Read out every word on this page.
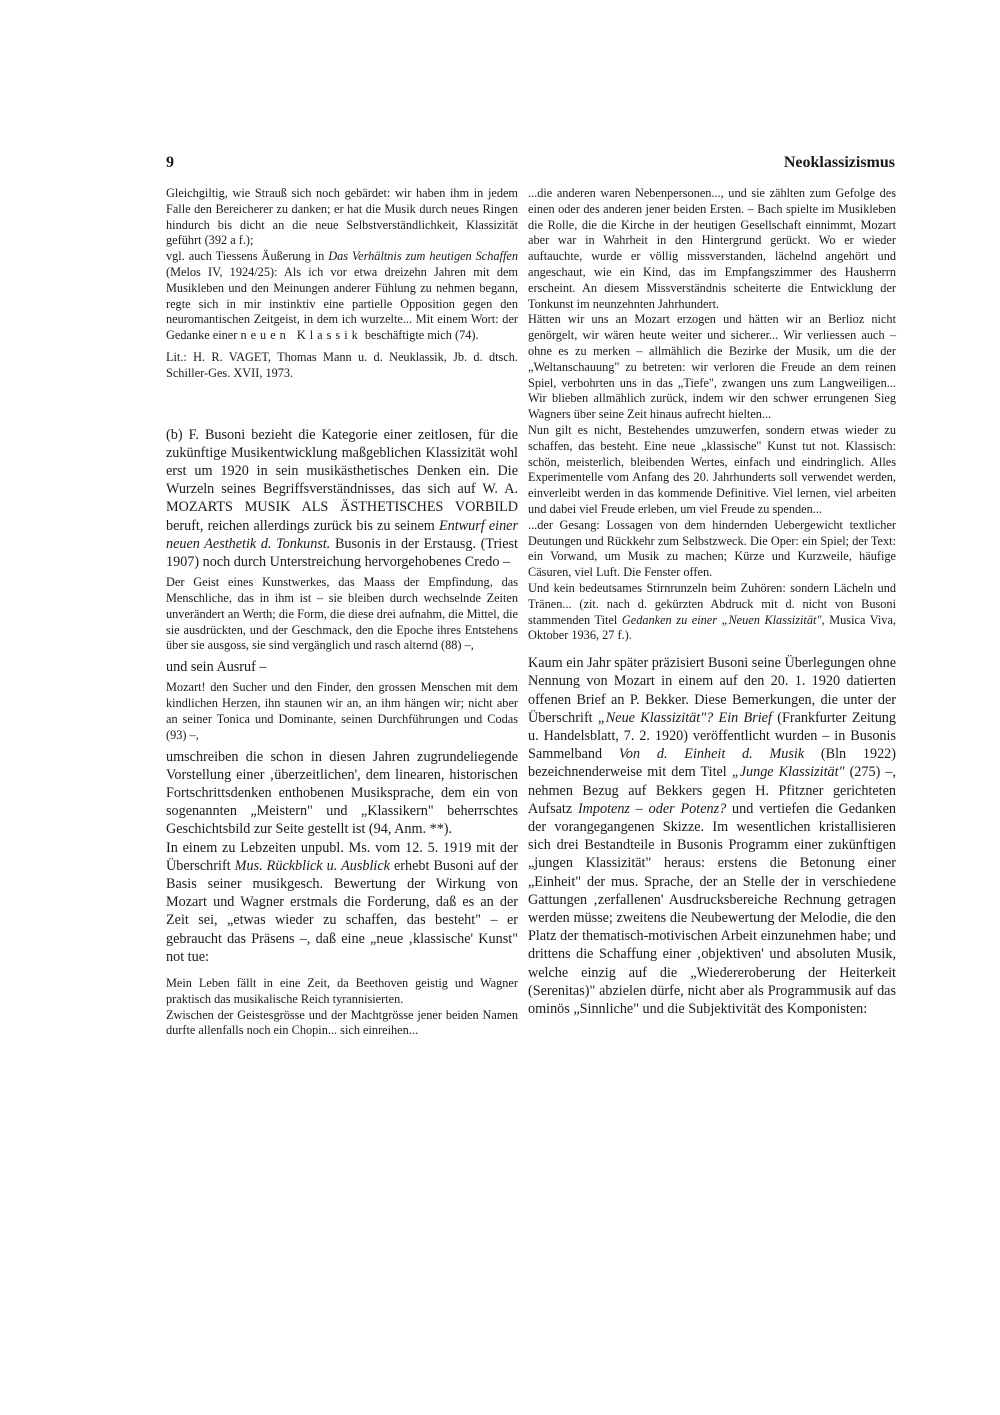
9	Neoklassizismus

Gleichgiltig, wie Strauß sich noch gebärdet: wir haben ihm in jedem Falle den Bereicherer zu danken; er hat die Musik durch neues Ringen hindurch bis dicht an die neue Selbstverständlichkeit, Klassizität geführt (392 a f.);

vgl. auch Tiessens Äußerung in Das Verhältnis zum heutigen Schaffen (Melos IV, 1924/25): Als ich vor etwa dreizehn Jahren mit dem Musikleben und den Meinungen anderer Fühlung zu nehmen begann, regte sich in mir instinktiv eine partielle Opposition gegen den neuromantischen Zeitgeist, in dem ich wurzelte... Mit einem Wort: der Gedanke einer neuen Klassik beschäftigte mich (74).

Lit.: H. R. VAGET, Thomas Mann u. d. Neuklassik, Jb. d. dtsch. Schiller-Ges. XVII, 1973.

(b) F. Busoni bezieht die Kategorie einer zeitlosen, für die zukünftige Musikentwicklung maßgeblichen Klassizität wohl erst um 1920 in sein musikästhetisches Denken ein. Die Wurzeln seines Begriffsverständnisses, das sich auf W. A. MOZARTS MUSIK ALS ÄSTHETISCHES VORBILD beruft, reichen allerdings zurück bis zu seinem Entwurf einer neuen Aesthetik d. Tonkunst. Busonis in der Erstausg. (Triest 1907) noch durch Unterstreichung hervorgehobenes Credo –

Der Geist eines Kunstwerkes, das Maass der Empfindung, das Menschliche, das in ihm ist – sie bleiben durch wechselnde Zeiten unverändert an Werth; die Form, die diese drei aufnahm, die Mittel, die sie ausdrückten, und der Geschmack, den die Epoche ihres Entstehens über sie ausgoss, sie sind vergänglich und rasch alternd (88) –,

und sein Ausruf –

Mozart! den Sucher und den Finder, den grossen Menschen mit dem kindlichen Herzen, ihn staunen wir an, an ihm hängen wir; nicht aber an seiner Tonica und Dominante, seinen Durchführungen und Codas (93) –,

umschreiben die schon in diesen Jahren zugrundeliegende Vorstellung einer ‚überzeitlichen', dem linearen, historischen Fortschrittsdenken enthobenen Musiksprache, dem ein von sogenannten „Meistern" und „Klassikern" beherrschtes Geschichtsbild zur Seite gestellt ist (94, Anm. **).

In einem zu Lebzeiten unpubl. Ms. vom 12. 5. 1919 mit der Überschrift Mus. Rückblick u. Ausblick erhebt Busoni auf der Basis seiner musikgesch. Bewertung der Wirkung von Mozart und Wagner erstmals die Forderung, daß es an der Zeit sei, „etwas wieder zu schaffen, das besteht" – er gebraucht das Präsens –, daß eine „neue ‚klassische' Kunst" not tue:

Mein Leben fällt in eine Zeit, da Beethoven geistig und Wagner praktisch das musikalische Reich tyrannisierten.

Zwischen der Geistesgrösse und der Machtgrösse jener beiden Namen durfte allenfalls noch ein Chopin... sich einreihen...

...die anderen waren Nebenpersonen..., und sie zählten zum Gefolge des einen oder des anderen jener beiden Ersten. – Bach spielte im Musikleben die Rolle, die die Kirche in der heutigen Gesellschaft einnimmt, Mozart aber war in Wahrheit in den Hintergrund gerückt. Wo er wieder auftauchte, wurde er völlig missverstanden, lächelnd angehört und angeschaut, wie ein Kind, das im Empfangszimmer des Hausherrn erscheint. An diesem Missverständnis scheiterte die Entwicklung der Tonkunst im neunzehnten Jahrhundert.

Hätten wir uns an Mozart erzogen und hätten wir an Berlioz nicht genörgelt, wir wären heute weiter und sicherer... Wir verliessen auch – ohne es zu merken – allmählich die Bezirke der Musik, um die der „Weltanschauung" zu betreten: wir verloren die Freude an dem reinen Spiel, verbohrten uns in das „Tiefe", zwangen uns zum Langweiligen... Wir blieben allmählich zurück, indem wir den schwer errungenen Sieg Wagners über seine Zeit hinaus aufrecht hielten...

Nun gilt es nicht, Bestehendes umzuwerfen, sondern etwas wieder zu schaffen, das besteht. Eine neue „klassische" Kunst tut not. Klassisch: schön, meisterlich, bleibenden Wertes, einfach und eindringlich. Alles Experimentelle vom Anfang des 20. Jahrhunderts soll verwendet werden, einverleibt werden in das kommende Definitive. Viel lernen, viel arbeiten und dabei viel Freude erleben, um viel Freude zu spenden...

...der Gesang: Lossagen von dem hindernden Uebergewicht textlicher Deutungen und Rückkehr zum Selbstzweck. Die Oper: ein Spiel; der Text: ein Vorwand, um Musik zu machen; Kürze und Kurzweile, häufige Cäsuren, viel Luft. Die Fenster offen.

Und kein bedeutsames Stirnrunzeln beim Zuhören: sondern Lächeln und Tränen... (zit. nach d. gekürzten Abdruck mit d. nicht von Busoni stammenden Titel Gedanken zu einer „Neuen Klassizität", Musica Viva, Oktober 1936, 27 f.).

Kaum ein Jahr später präzisiert Busoni seine Überlegungen ohne Nennung von Mozart in einem auf den 20. 1. 1920 datierten offenen Brief an P. Bekker. Diese Bemerkungen, die unter der Überschrift „Neue Klassizität"? Ein Brief (Frankfurter Zeitung u. Handelsblatt, 7. 2. 1920) veröffentlicht wurden – in Busonis Sammelband Von d. Einheit d. Musik (Bln 1922) bezeichnenderweise mit dem Titel „Junge Klassizität" (275) –, nehmen Bezug auf Bekkers gegen H. Pfitzner gerichteten Aufsatz Impotenz – oder Potenz? und vertiefen die Gedanken der vorangegangenen Skizze. Im wesentlichen kristallisieren sich drei Bestandteile in Busonis Programm einer zukünftigen „jungen Klassizität" heraus: erstens die Betonung einer „Einheit" der mus. Sprache, der an Stelle der in verschiedene Gattungen ‚zerfallenen' Ausdrucksbereiche Rechnung getragen werden müsse; zweitens die Neubewertung der Melodie, die den Platz der thematisch-motivischen Arbeit einzunehmen habe; und drittens die Schaffung einer ‚objektiven' und absoluten Musik, welche einzig auf die „Wiedereroberung der Heiterkeit (Serenitas)" abzielen dürfe, nicht aber als Programmusik auf das ominös „Sinnliche" und die Subjektivität des Komponisten:
